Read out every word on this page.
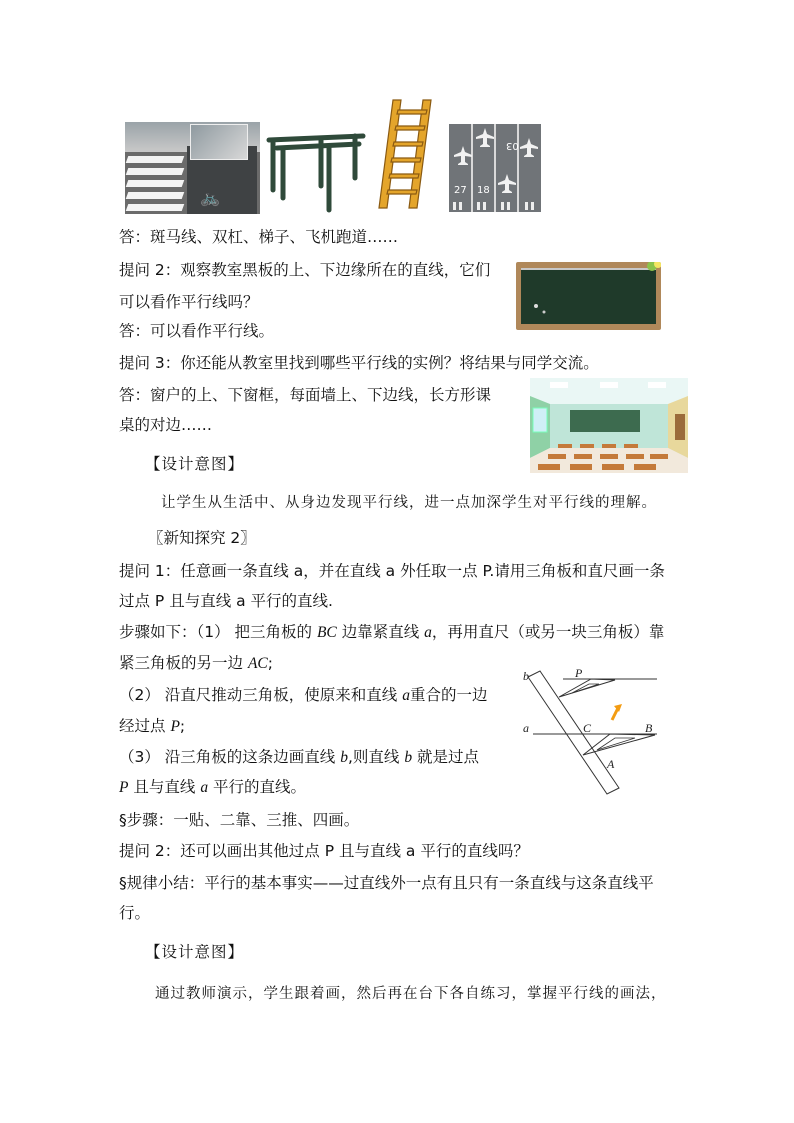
🚲	27 18
03
答：斑马线、双杠、梯子、飞机跑道……
提问 2：观察教室黑板的上、下边缘所在的直线，它们
可以看作平行线吗？
答：可以看作平行线。
提问 3：你还能从教室里找到哪些平行线的实例？将结果与同学交流。
答：窗户的上、下窗框，每面墙上、下边线，长方形课
桌的对边……
【设计意图】
让学生从生活中、从身边发现平行线，进一点加深学生对平行线的理解。
〖新知探究 2〗
提问 1：任意画一条直线 a，并在直线 a 外任取一点 P.请用三角板和直尺画一条
过点 P 且与直线 a 平行的直线.
步骤如下：（1） 把三角板的 BC 边靠紧直线 a，再用直尺（或另一块三角板）靠
紧三角板的另一边 AC;
（2） 沿直尺推动三角板，使原来和直线 a重合的一边
经过点 P;
（3） 沿三角板的这条边画直线 b,则直线 b 就是过点
P 且与直线 a 平行的直线。
§步骤：一贴、二靠、三推、四画。
提问 2：还可以画出其他过点 P 且与直线 a 平行的直线吗？
§规律小结：平行的基本事实——过直线外一点有且只有一条直线与这条直线平
行。
【设计意图】
通过教师演示，学生跟着画，然后再在台下各自练习，掌握平行线的画法，
b	P
a	C	B
A
